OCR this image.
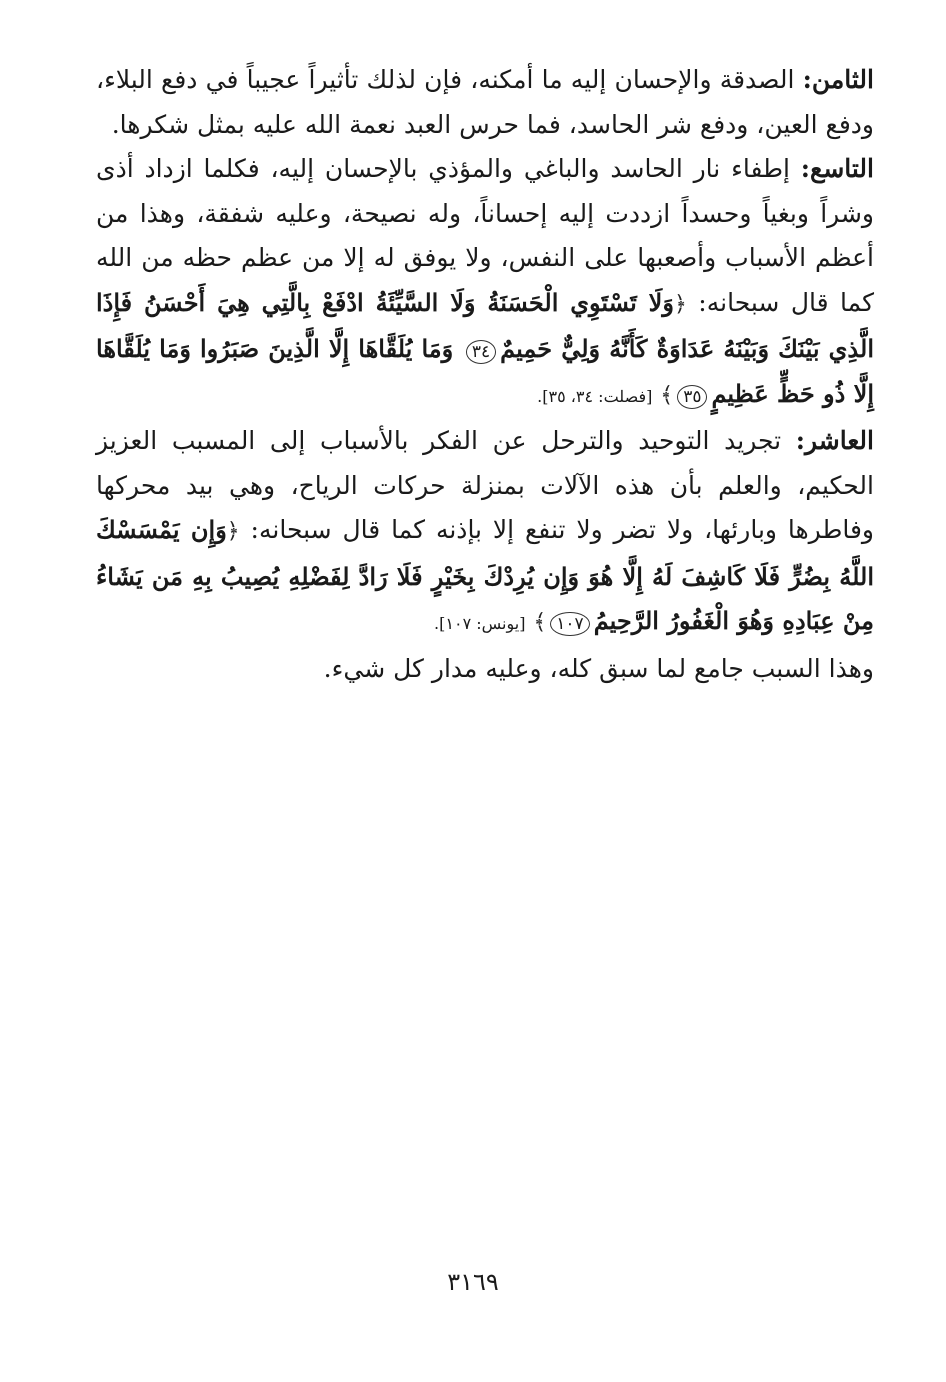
الثامن: الصدقة والإحسان إليه ما أمكنه، فإن لذلك تأثيراً عجيباً في دفع البلاء، ودفع العين، ودفع شر الحاسد، فما حرس العبد نعمة الله عليه بمثل شكرها.

التاسع: إطفاء نار الحاسد والباغي والمؤذي بالإحسان إليه، فكلما ازداد أذى وشراً وبغياً وحسداً ازددت إليه إحساناً، وله نصيحة، وعليه شفقة، وهذا من أعظم الأسباب وأصعبها على النفس، ولا يوفق له إلا من عظم حظه من الله كما قال سبحانه: ﴿وَلَا تَسْتَوِي الْحَسَنَةُ وَلَا السَّيِّئَةُ ادْفَعْ بِالَّتِي هِيَ أَحْسَنُ فَإِذَا الَّذِي بَيْنَكَ وَبَيْنَهُ عَدَاوَةٌ كَأَنَّهُ وَلِيٌّ حَمِيمٌ٣٤ وَمَا يُلَقَّاهَا إِلَّا الَّذِينَ صَبَرُوا وَمَا يُلَقَّاهَا إِلَّا ذُو حَظٍّ عَظِيمٍ٣٥﴾ [فصلت: ٣٤، ٣٥].

العاشر: تجريد التوحيد والترحل عن الفكر بالأسباب إلى المسبب العزيز الحكيم، والعلم بأن هذه الآلات بمنزلة حركات الرياح، وهي بيد محركها وفاطرها وبارئها، ولا تضر ولا تنفع إلا بإذنه كما قال سبحانه: ﴿وَإِن يَمْسَسْكَ اللَّهُ بِضُرٍّ فَلَا كَاشِفَ لَهُ إِلَّا هُوَ وَإِن يُرِدْكَ بِخَيْرٍ فَلَا رَادَّ لِفَضْلِهِ يُصِيبُ بِهِ مَن يَشَاءُ مِنْ عِبَادِهِ وَهُوَ الْغَفُورُ الرَّحِيمُ١٠٧﴾ [يونس: ١٠٧].

وهذا السبب جامع لما سبق كله، وعليه مدار كل شيء.

٣١٦٩
